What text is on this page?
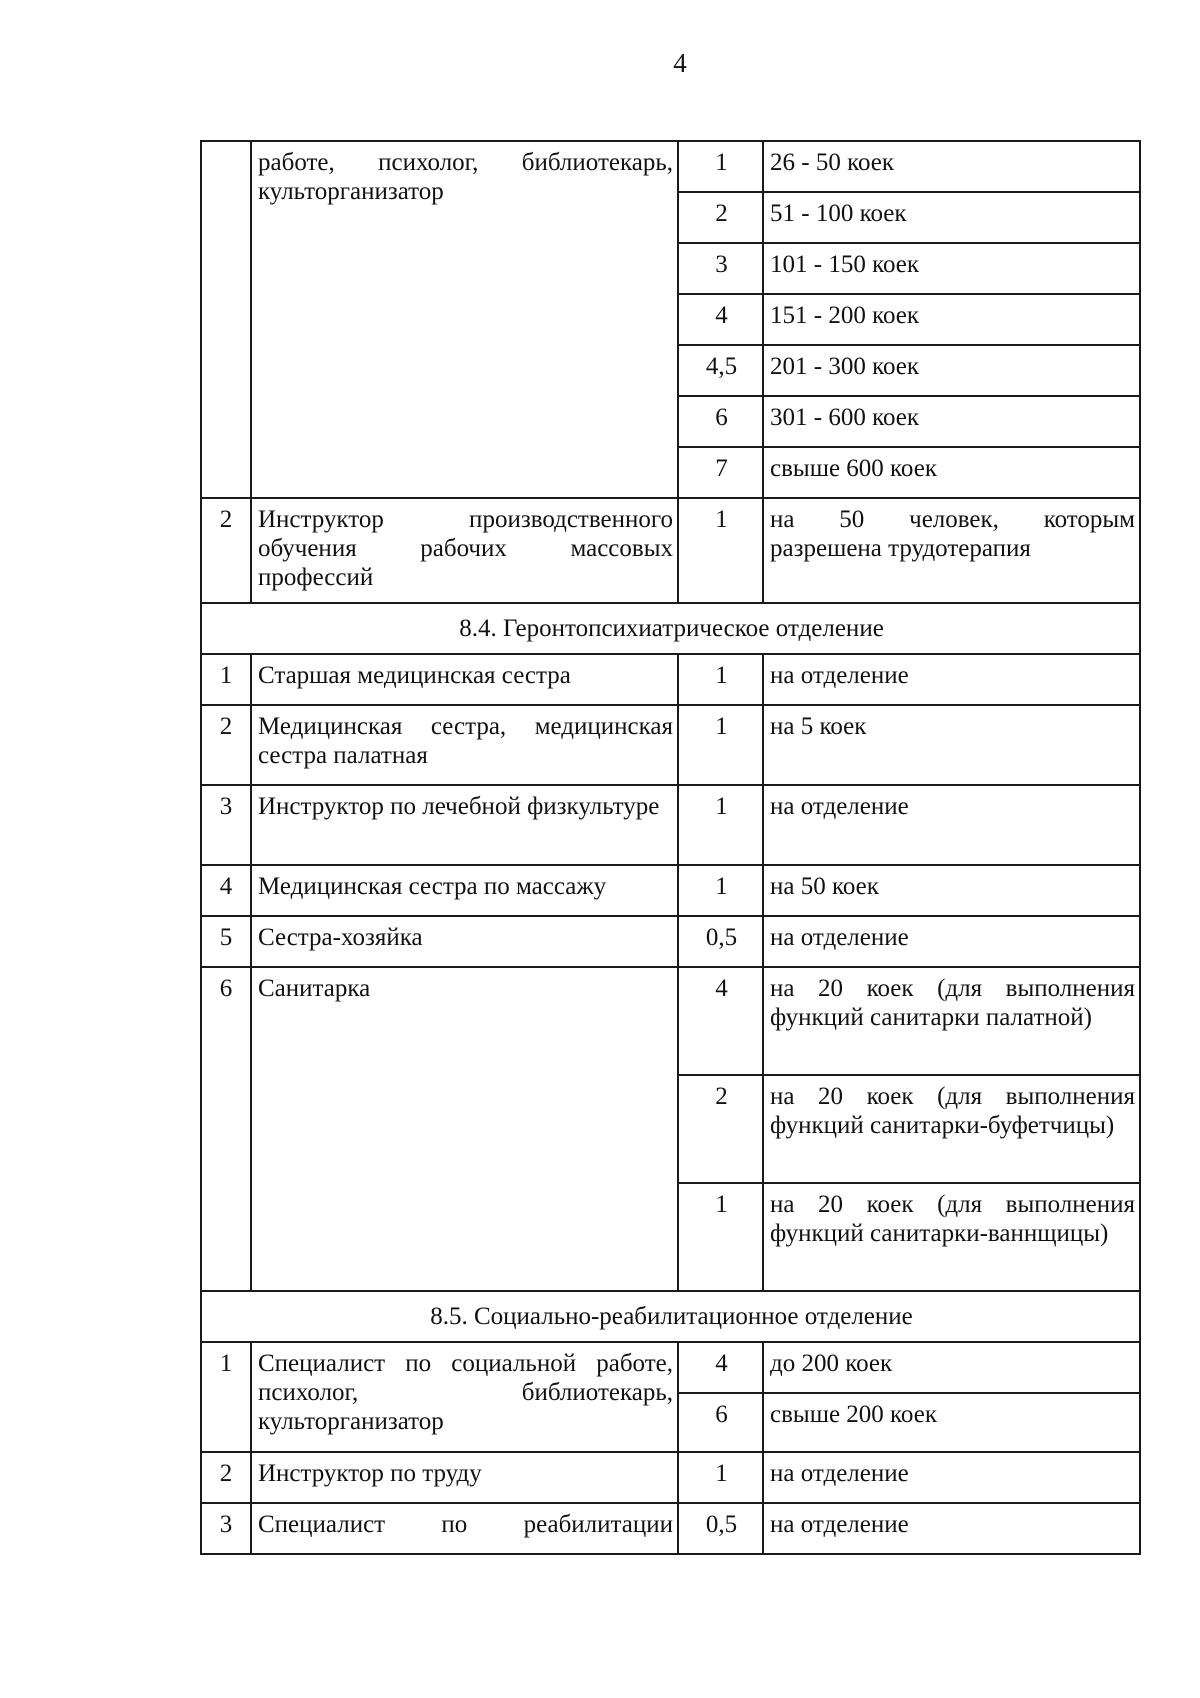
4
	работе, психолог, библиотекарь, культорганизатор	1	26 - 50 коек
		2	51 - 100 коек
		3	101 - 150 коек
		4	151 - 200 коек
		4,5	201 - 300 коек
		6	301 - 600 коек
		7	свыше 600 коек
2	Инструктор производственного обучения рабочих массовых профессий	1	на 50 человек, которым разрешена трудотерапия
8.4. Геронтопсихиатрическое отделение			
1	Старшая медицинская сестра	1	на отделение
2	Медицинская сестра, медицинская сестра палатная	1	на 5 коек
3	Инструктор по лечебной физкультуре	1	на отделение
4	Медицинская сестра по массажу	1	на 50 коек
5	Сестра-хозяйка	0,5	на отделение
6	Санитарка	4	на 20 коек (для выполнения функций санитарки палатной)
		2	на 20 коек (для выполнения функций санитарки-буфетчицы)
		1	на 20 коек (для выполнения функций санитарки-ваннщицы)
8.5. Социально-реабилитационное отделение			
1	Специалист по социальной работе, психолог, библиотекарь, культорганизатор	4	до 200 коек
		6	свыше 200 коек
2	Инструктор по труду	1	на отделение
3	Специалист по реабилитации	0,5	на отделение
